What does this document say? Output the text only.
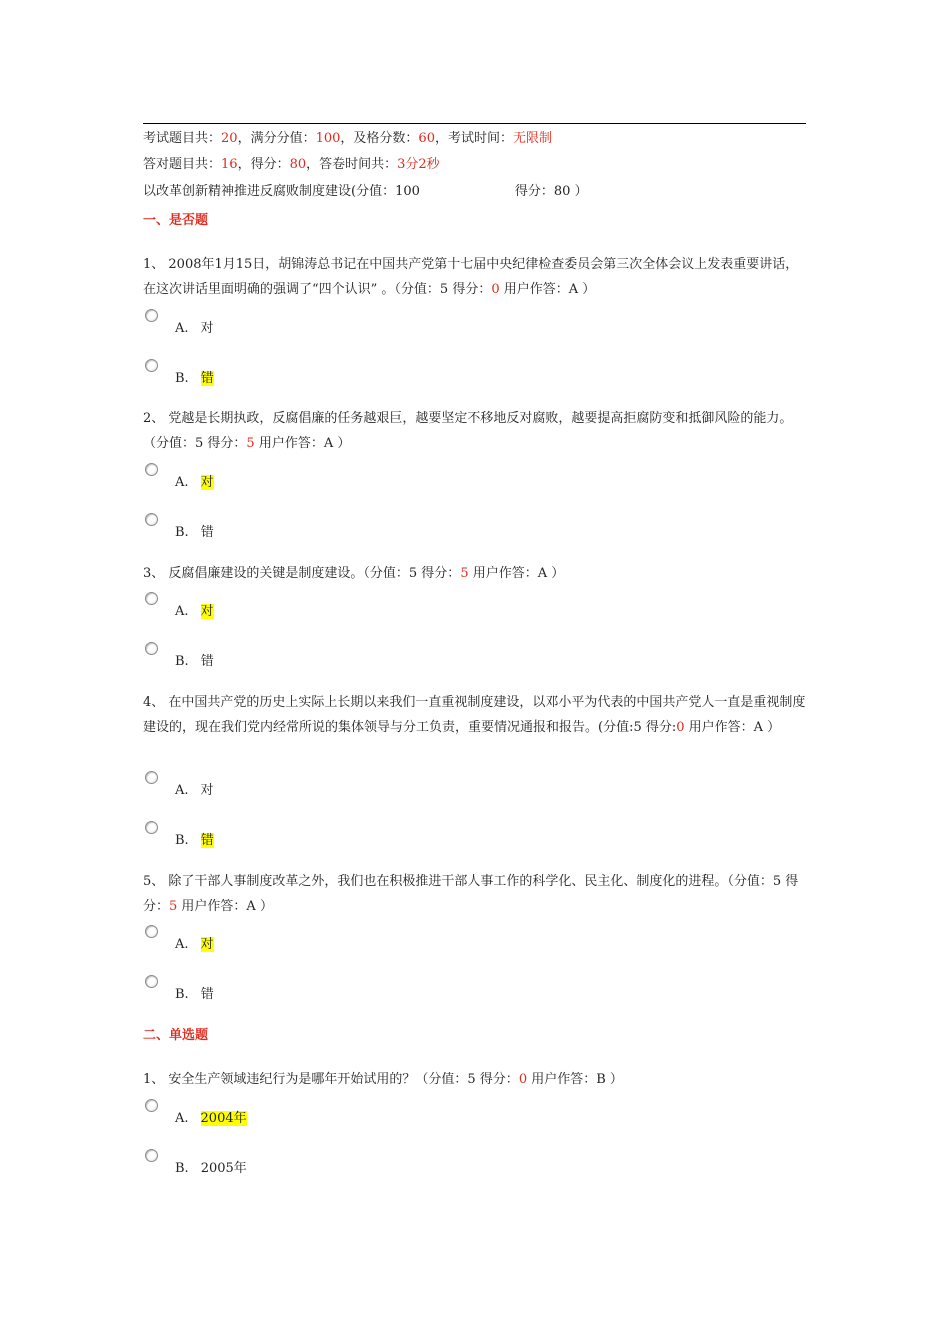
考试题目共：20，满分分值：100，及格分数：60，考试时间：无限制
答对题目共：16，得分：80，答卷时间共：3分2秒
以改革创新精神推进反腐败制度建设(分值：100	得分：80 ）
一、是否题
1、 2008年1月15日，胡锦涛总书记在中国共产党第十七届中央纪律检查委员会第三次全体会议上发表重要讲话，在这次讲话里面明确的强调了“四个认识” 。（分值：5 得分：0 用户作答：A ）
A. 对
B. 错
2、 党越是长期执政，反腐倡廉的任务越艰巨，越要坚定不移地反对腐败，越要提高拒腐防变和抵御风险的能力。（分值：5 得分：5 用户作答：A ）
A. 对
B. 错
3、 反腐倡廉建设的关键是制度建设。（分值：5 得分：5 用户作答：A ）
A. 对
B. 错
4、 在中国共产党的历史上实际上长期以来我们一直重视制度建设，以邓小平为代表的中国共产党人一直是重视制度建设的，现在我们党内经常所说的集体领导与分工负责，重要情况通报和报告。(分值:5 得分:0 用户作答：A ）
A. 对
B. 错
5、 除了干部人事制度改革之外，我们也在积极推进干部人事工作的科学化、民主化、制度化的进程。（分值：5 得分：5 用户作答：A ）
A. 对
B. 错
二、单选题
1、 安全生产领域违纪行为是哪年开始试用的？（分值：5 得分：0 用户作答：B ）
A. 2004年
B. 2005年
